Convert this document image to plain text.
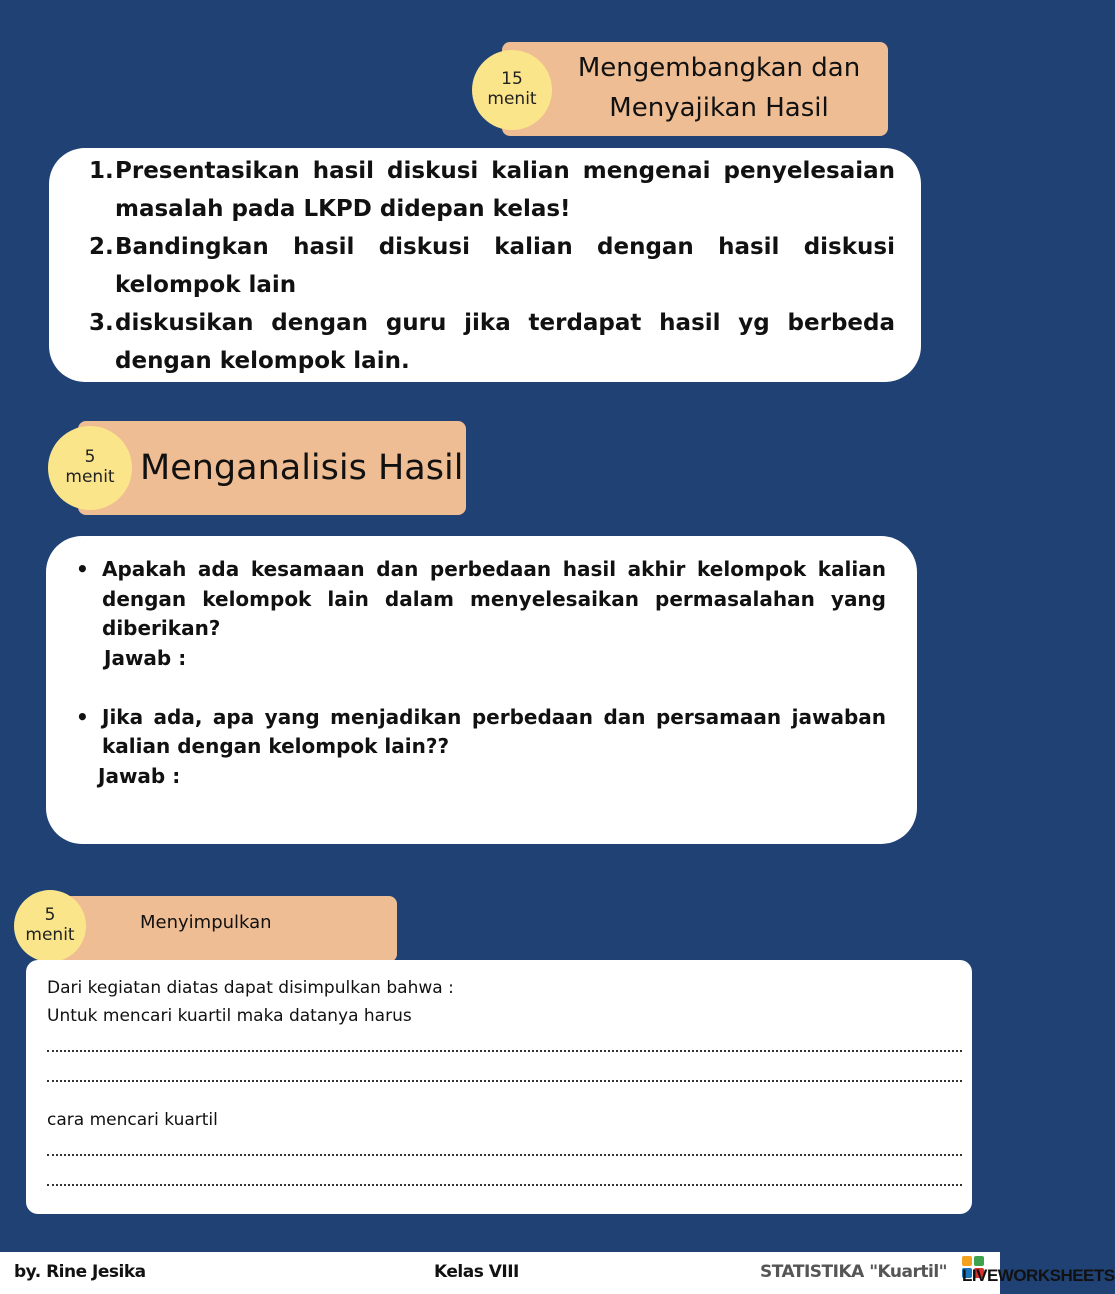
Mengembangkan dan
Menyajikan Hasil
15
menit
1. Presentasikan hasil diskusi kalian mengenai penyelesaian masalah pada LKPD didepan kelas!
2. Bandingkan hasil diskusi kalian dengan hasil diskusi kelompok lain
3. diskusikan dengan guru jika terdapat hasil yg berbeda dengan kelompok lain.
Menganalisis Hasil
5
menit
• Apakah ada kesamaan dan perbedaan hasil akhir kelompok kalian dengan kelompok lain dalam menyelesaikan permasalahan yang diberikan?
Jawab :
• Jika ada, apa yang menjadikan perbedaan dan persamaan jawaban kalian dengan kelompok lain??
Jawab :
Menyimpulkan
5
menit
Dari kegiatan diatas dapat disimpulkan bahwa :
Untuk mencari kuartil maka datanya harus
cara mencari kuartil
by. Rine Jesika	Kelas VIII	STATISTIKA "Kuartil" LIVEWORKSHEETS
